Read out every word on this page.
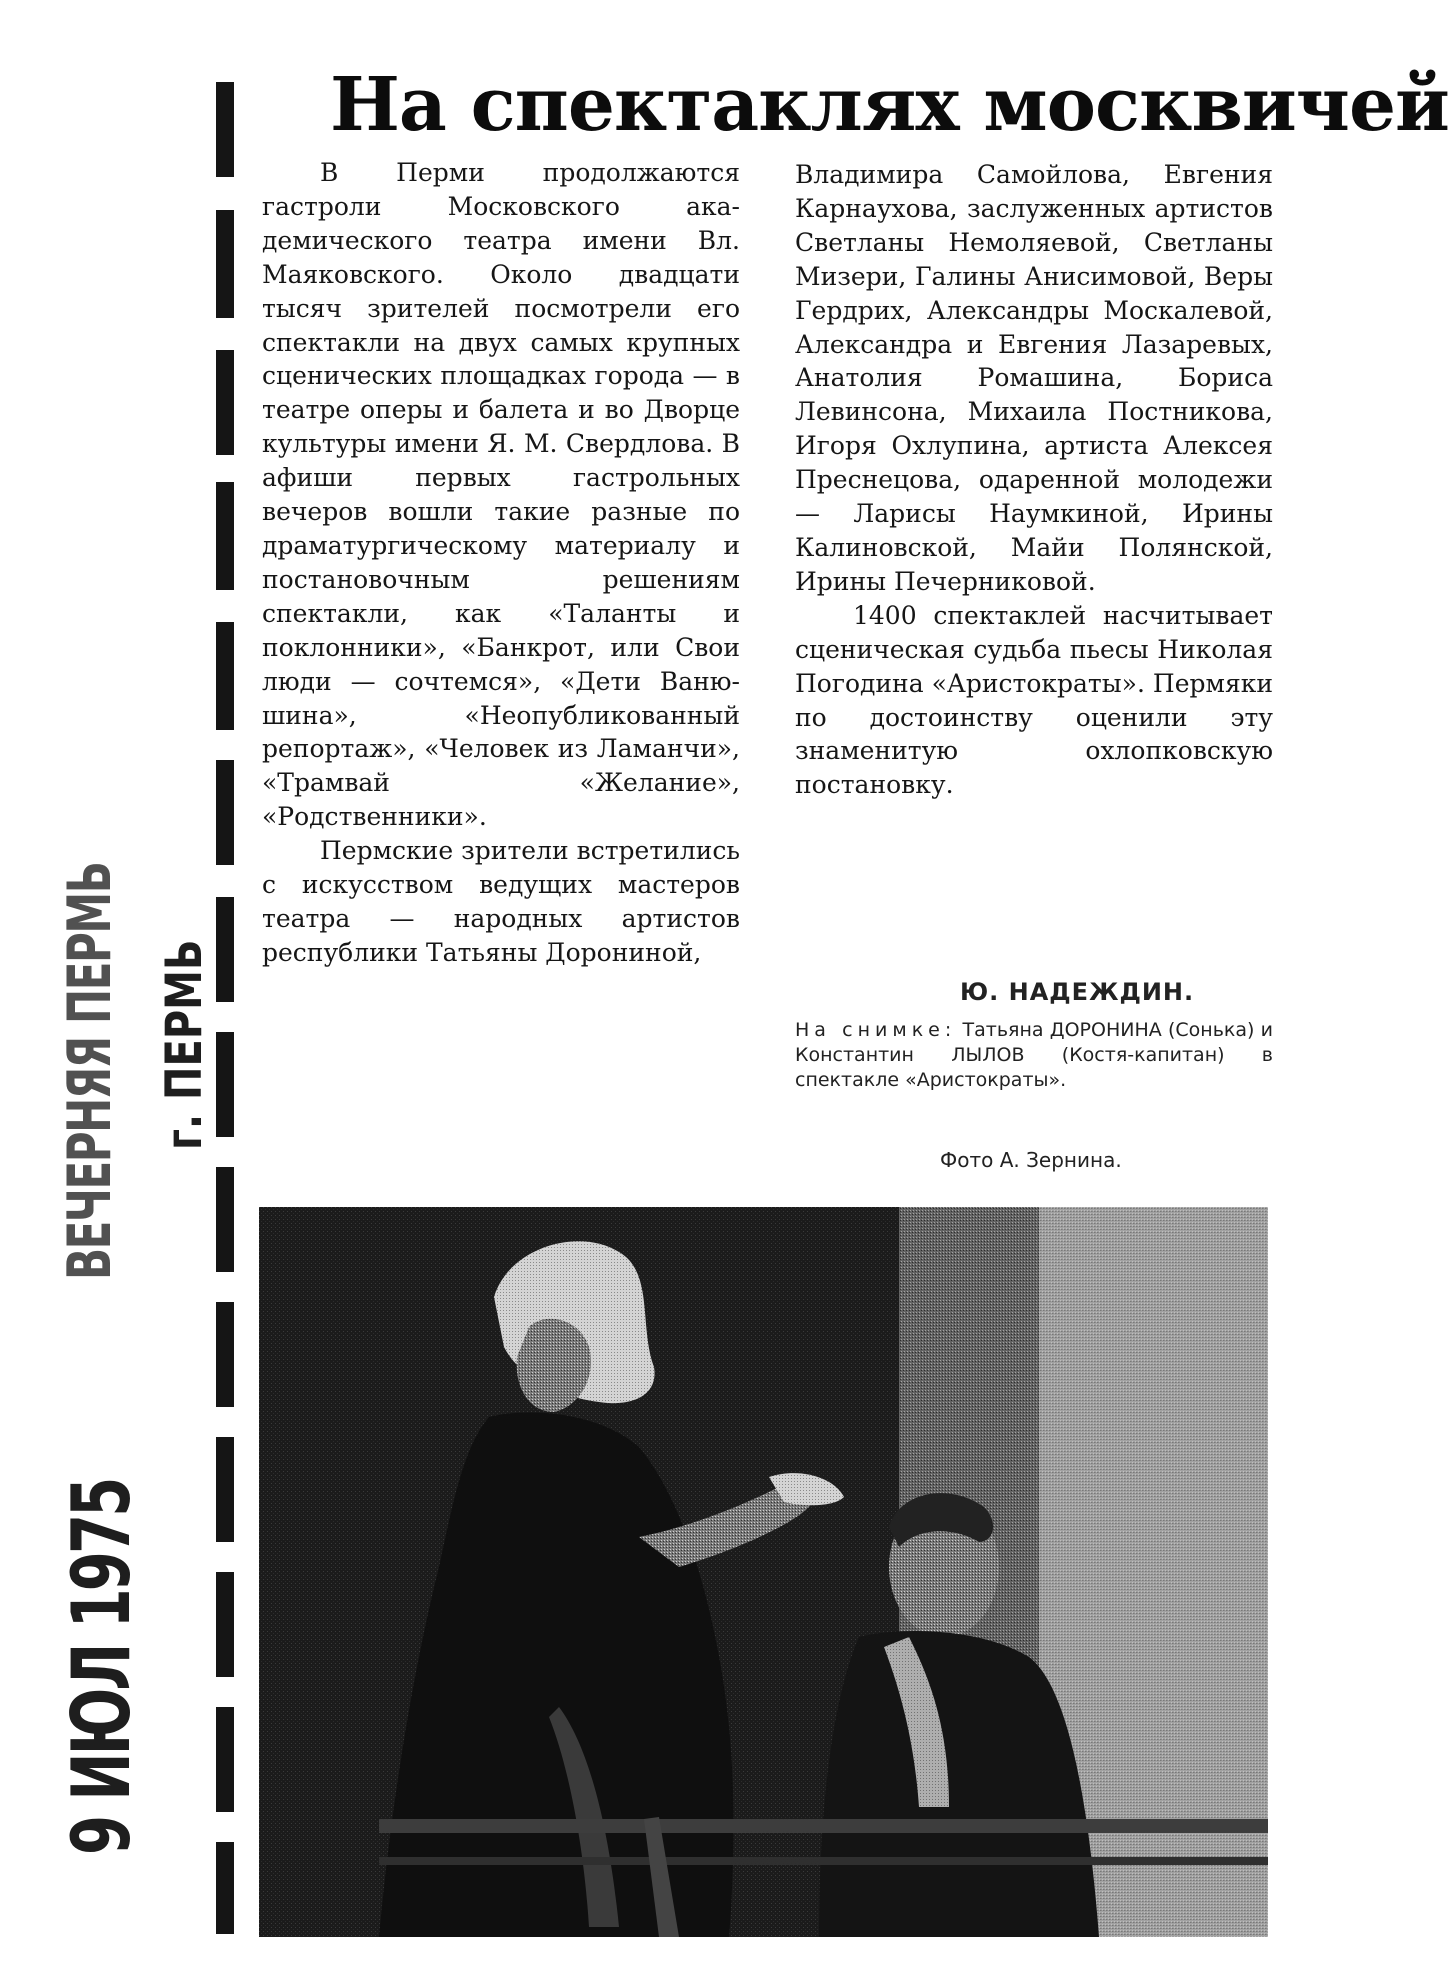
9 ИЮЛ 1975
ВЕЧЕРНЯЯ ПЕРМЬ г. ПЕРМЬ
На спектаклях москвичей

В Перми продолжаются гастроли Московского академического театра имени Вл. Маяковского. Около двадцати тысяч зрителей посмотрели его спектакли на двух самых крупных сценических площадках города — в театре оперы и балета и во Дворце культуры имени Я. М. Свердлова. В афиши первых гастрольных вечеров вошли такие разные по драматургическому материалу и постановочным решениям спектакли, как «Таланты и поклонники», «Банкрот, или Свои люди — сочтемся», «Дети Ванюшина», «Неопубликованный репортаж», «Человек из Ламанчи», «Трамвай «Желание», «Родственники».

Пермские зрители встретились с искусством ведущих мастеров театра — народных артистов республики Татьяны Дорониной,

Владимира Самойлова, Евгения Карнаухова, заслуженных артистов Светланы Немоляевой, Светланы Мизери, Галины Анисимовой, Веры Гердрих, Александры Москалевой, Александра и Евгения Лазаревых, Анатолия Ромашина, Бориса Левинсона, Михаила Постникова, Игоря Охлупина, артиста Алексея Преснецова, одаренной молодежи — Ларисы Наумкиной, Ирины Калиновской, Майи Полянской, Ирины Печерниковой.

1400 спектаклей насчитывает сценическая судьба пьесы Николая Погодина «Аристократы». Пермяки по достоинству оценили эту знаменитую охлопковскую постановку.

Ю. НАДЕЖДИН.
На снимке: Татьяна ДОРОНИНА (Сонька) и Константин ЛЫЛОВ (Костя-капитан) в спектакле «Аристократы».
Фото А. Зернина.
